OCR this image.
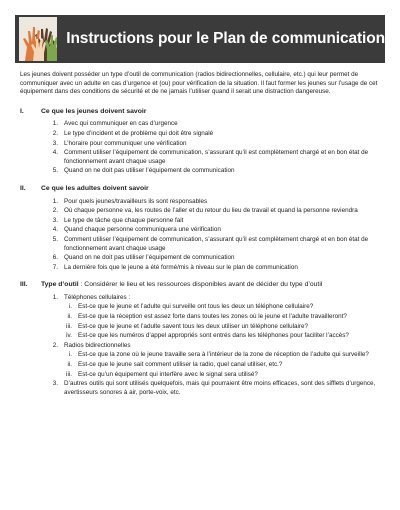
Instructions pour le Plan de communication

Les jeunes doivent posséder un type d’outil de communication (radios bidirectionnelles, cellulaire, etc.) qui leur permet de communiquer avec un adulte en cas d’urgence et (ou) pour vérification de la situation. Il faut former les jeunes sur l’usage de cet équipement dans des conditions de sécurité et de ne jamais l’utiliser quand il serait une distraction dangereuse.

I.	Ce que les jeunes doivent savoir
1. Avec qui communiquer en cas d’urgence
2. Le type d’incident et de problème qui doit être signalé
3. L’horaire pour communiquer une vérification
4. Comment utiliser l’équipement de communication, s’assurant qu’il est complètement chargé et en bon état de fonctionnement avant chaque usage
5. Quand on ne doit pas utiliser l’équipement de communication
II.	Ce que les adultes doivent savoir
1. Pour quels jeunes/travailleurs ils sont responsables
2. Où chaque personne va, les routes de l’aller et du retour du lieu de travail et quand la personne reviendra
3. Le type de tâche que chaque personne fait
4. Quand chaque personne communiquera une vérification
5. Comment utiliser l’équipement de communication, s’assurant qu’il est complètement chargé et en bon état de fonctionnement avant chaque usage
6. Quand on ne doit pas utiliser l’équipement de communication
7. La dernière fois que le jeune a été formé/mis à niveau sur le plan de communication
III.	Type d’outil : Considérer le lieu et les ressources disponibles avant de décider du type d’outil
1. Téléphones cellulaires :
i. Est-ce que le jeune et l’adulte qui surveille ont tous les deux un téléphone cellulaire?
ii. Est-ce que la réception est assez forte dans toutes les zones où le jeune et l’adulte travailleront?
iii. Est-ce que le jeune et l’adulte savent tous les deux utiliser un téléphone cellulaire?
iv. Est-ce que les numéros d’appel appropriés sont entrés dans les téléphones pour faciliter l’accès?
2. Radios bidirectionnelles
i. Est-ce que la zone où le jeune travaille sera à l’intérieur de la zone de réception de l’adulte qui surveille?
ii. Est-ce que le jeune sait comment utiliser la radio, quel canal utiliser, etc.?
iii. Est-ce qu’un équipement qui interfère avec le signal sera utilisé?
3. D’autres outils qui sont utilisés quelquefois, mais qui pourraient être moins efficaces, sont des sifflets d’urgence, avertisseurs sonores à air, porte-voix, etc.
